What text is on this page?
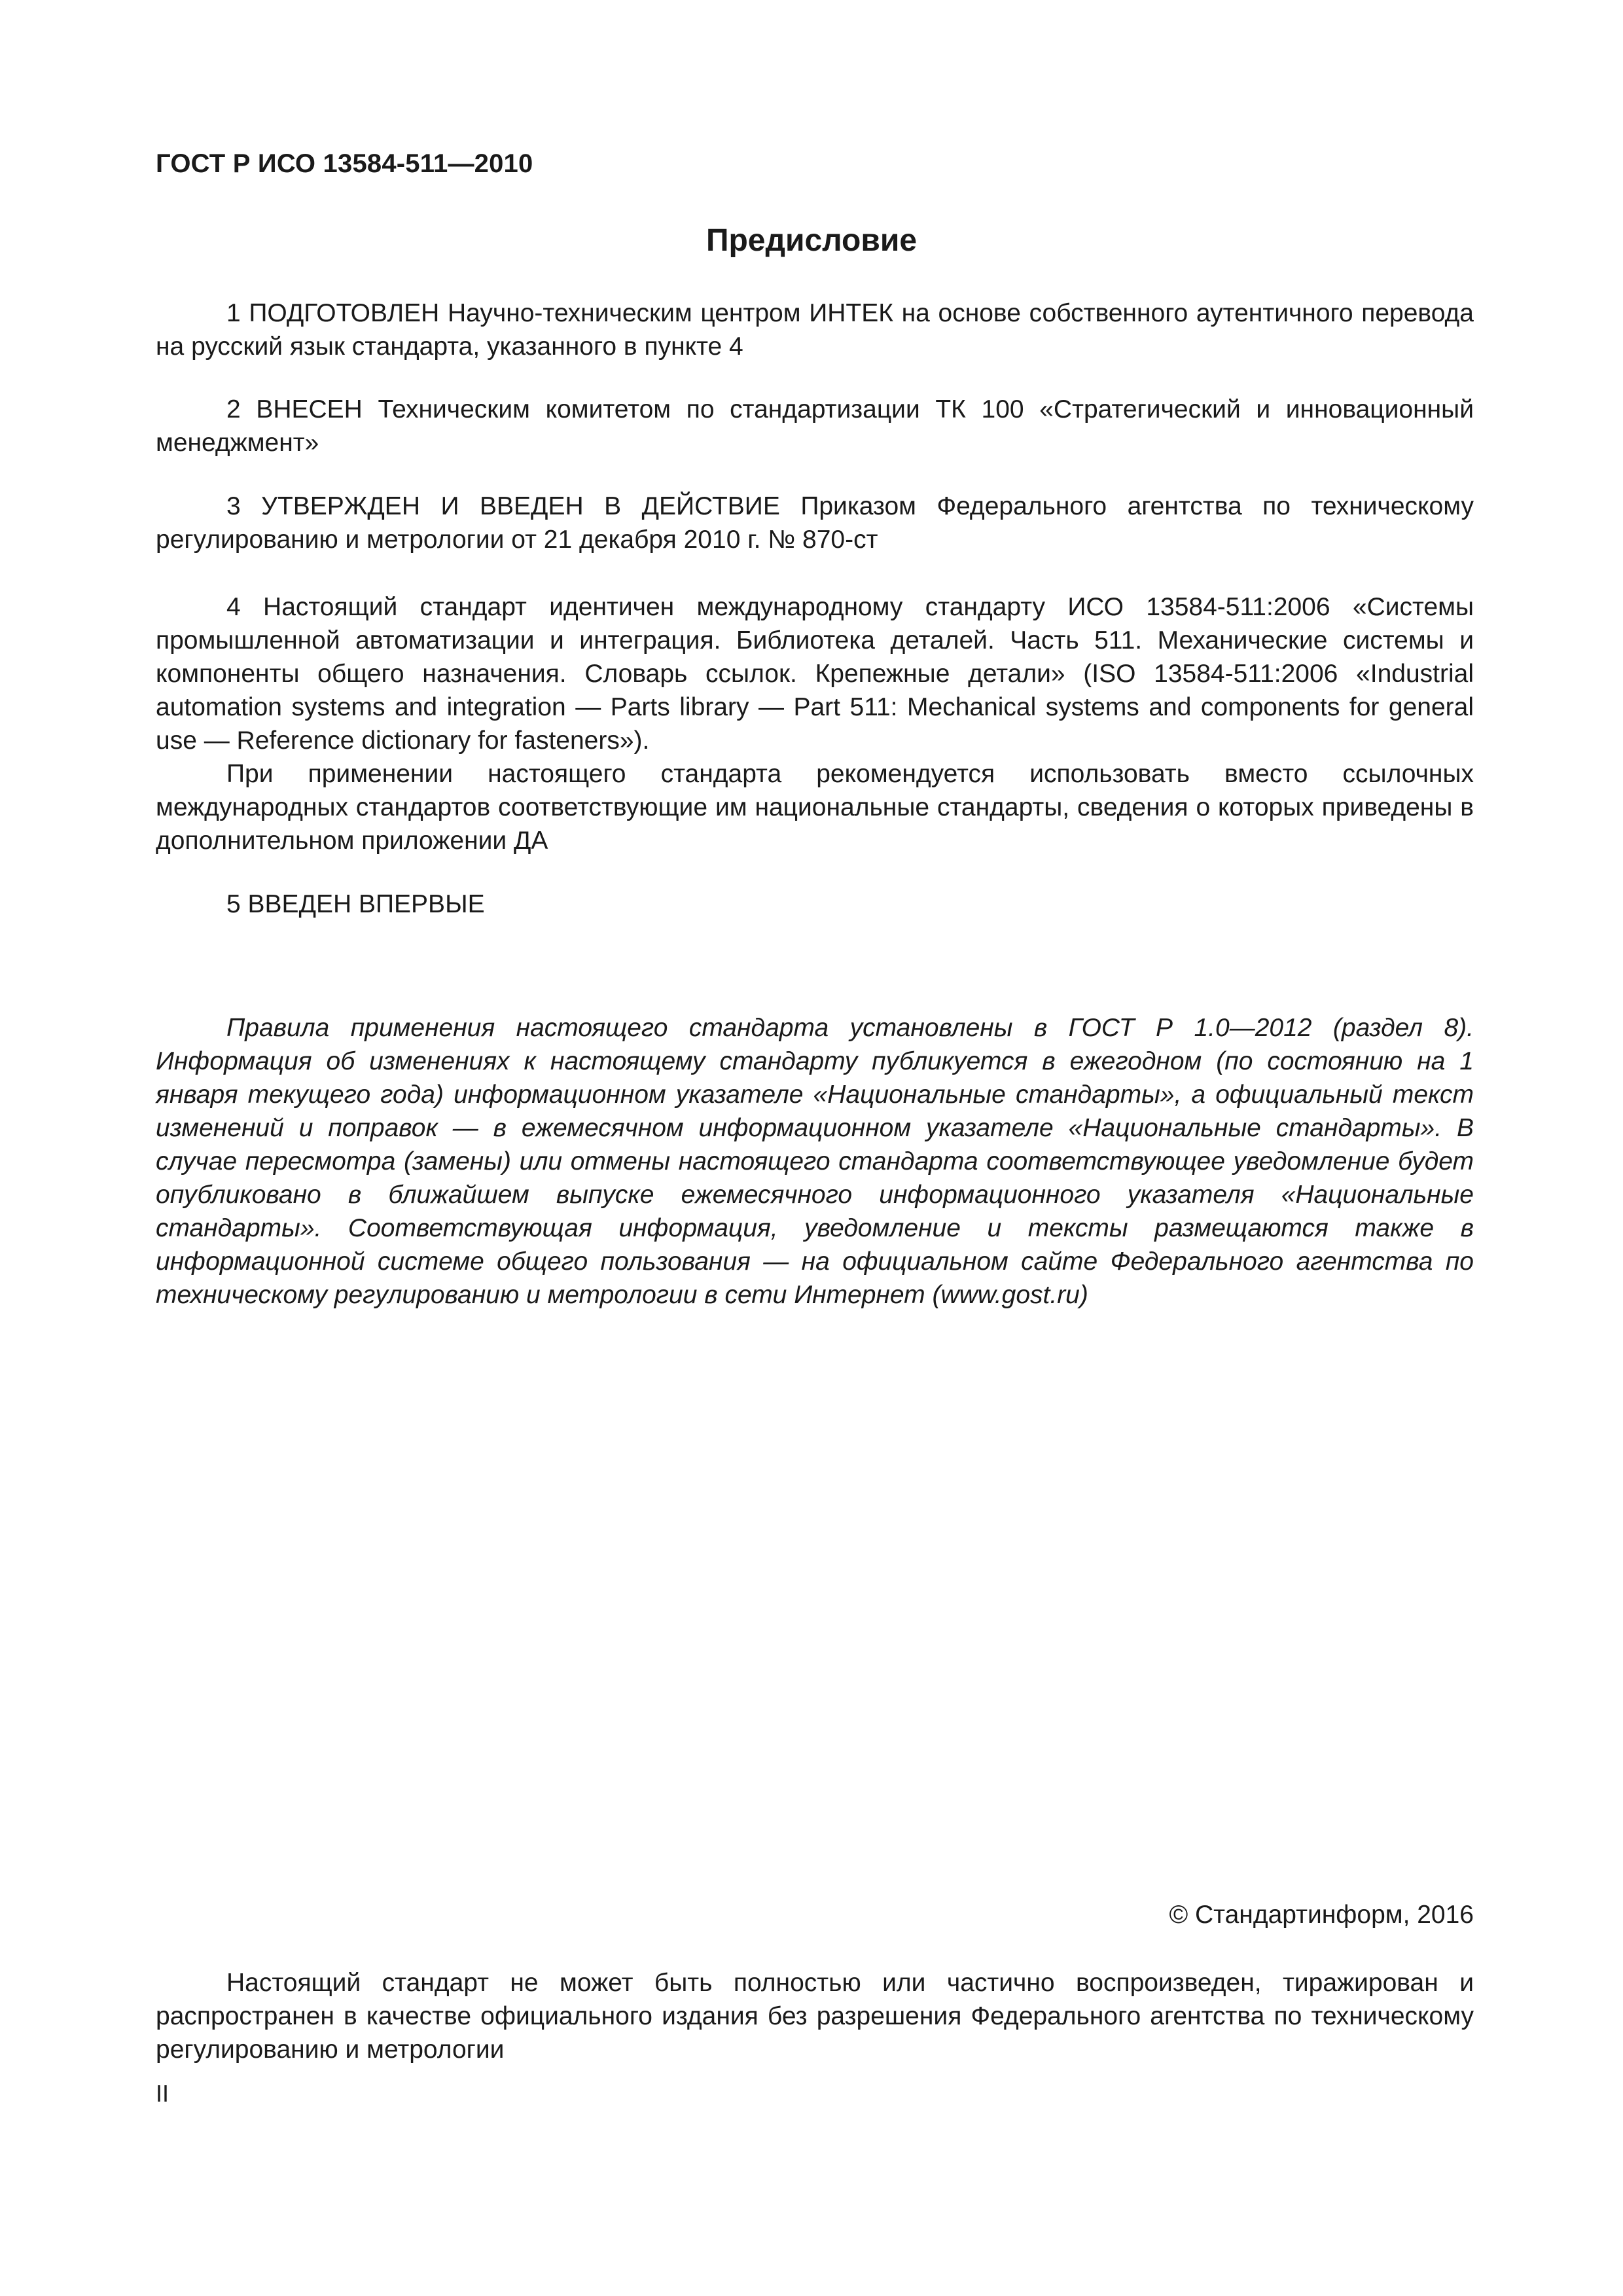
ГОСТ Р ИСО 13584-511—2010
Предисловие

1 ПОДГОТОВЛЕН Научно-техническим центром ИНТЕК на основе собственного аутентичного перевода на русский язык стандарта, указанного в пункте 4

2 ВНЕСЕН Техническим комитетом по стандартизации ТК 100 «Стратегический и инновационный менеджмент»

3 УТВЕРЖДЕН И ВВЕДЕН В ДЕЙСТВИЕ Приказом Федерального агентства по техническому регулированию и метрологии от 21 декабря 2010 г. № 870-ст

4 Настоящий стандарт идентичен международному стандарту ИСО 13584-511:2006 «Системы промышленной автоматизации и интеграция. Библиотека деталей. Часть 511. Механические системы и компоненты общего назначения. Словарь ссылок. Крепежные детали» (ISO 13584-511:2006 «Industrial automation systems and integration — Parts library — Part 511: Mechanical systems and components for general use — Reference dictionary for fasteners»).

При применении настоящего стандарта рекомендуется использовать вместо ссылочных международных стандартов соответствующие им национальные стандарты, сведения о которых приведены в дополнительном приложении ДА

5 ВВЕДЕН ВПЕРВЫЕ

Правила применения настоящего стандарта установлены в ГОСТ Р 1.0—2012 (раздел 8). Информация об изменениях к настоящему стандарту публикуется в ежегодном (по состоянию на 1 января текущего года) информационном указателе «Национальные стандарты», а официальный текст изменений и поправок — в ежемесячном информационном указателе «Национальные стандарты». В случае пересмотра (замены) или отмены настоящего стандарта соответствующее уведомление будет опубликовано в ближайшем выпуске ежемесячного информационного указателя «Национальные стандарты». Соответствующая информация, уведомление и тексты размещаются также в информационной системе общего пользования — на официальном сайте Федерального агентства по техническому регулированию и метрологии в сети Интернет (www.gost.ru)

© Стандартинформ, 2016

Настоящий стандарт не может быть полностью или частично воспроизведен, тиражирован и распространен в качестве официального издания без разрешения Федерального агентства по техническому регулированию и метрологии

II
